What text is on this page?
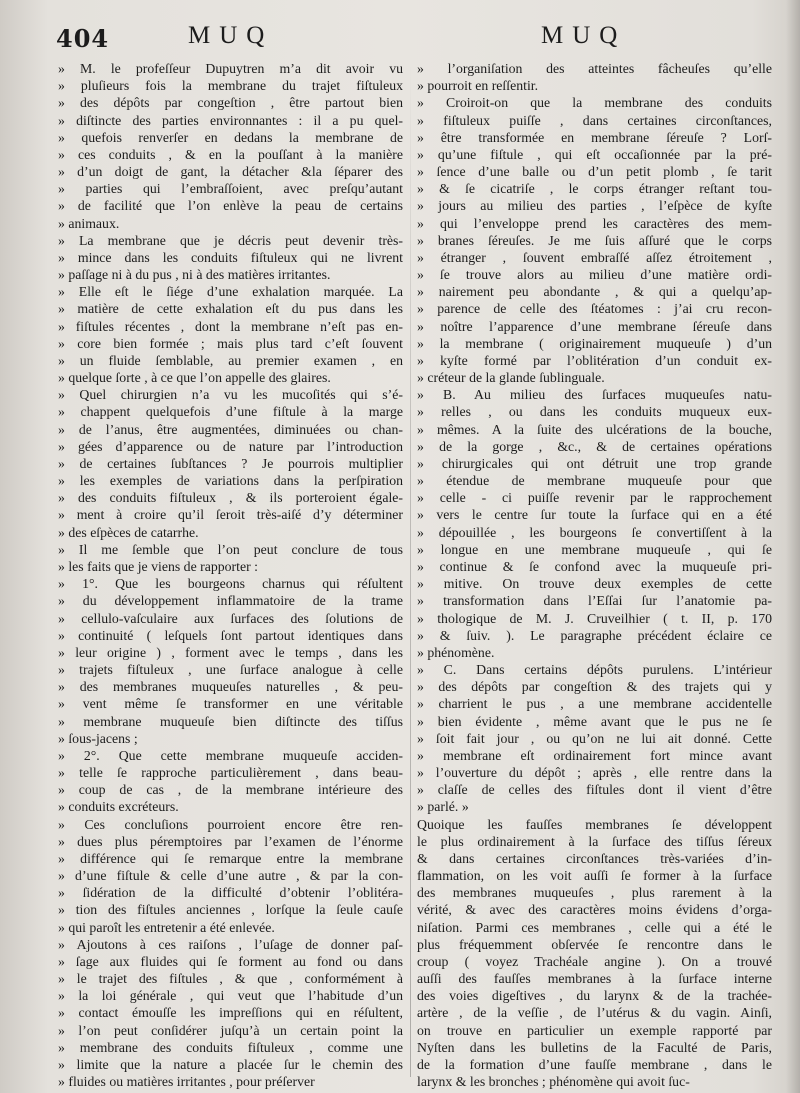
404	MUQ	MUQ
» M. le profeſſeur Dupuytren m’a dit avoir vu
» pluſieurs fois la membrane du trajet fiſtuleux
» des dépôts par congeſtion , être partout bien
» diſtincte des parties environnantes : il a pu quel-
» quefois renverſer en dedans la membrane de
» ces conduits , & en la pouſſant à la manière
» d’un doigt de gant, la détacher &la ſéparer des
» parties qui l’embraſſoient, avec preſqu’autant
» de facilité que l’on enlève la peau de certains
» animaux.
» La membrane que je décris peut devenir très-
» mince dans les conduits fiſtuleux qui ne livrent
» paſſage ni à du pus , ni à des matières irritantes.
» Elle eſt le ſiége d’une exhalation marquée. La
» matière de cette exhalation eſt du pus dans les
» fiſtules récentes , dont la membrane n’eſt pas en-
» core bien formée ; mais plus tard c’eſt ſouvent
» un fluide ſemblable, au premier examen , en
» quelque ſorte , à ce que l’on appelle des glaires.
» Quel chirurgien n’a vu les mucoſités qui s’é-
» chappent quelquefois d’une fiſtule à la marge
» de l’anus, être augmentées, diminuées ou chan-
» gées d’apparence ou de nature par l’introduction
» de certaines ſubſtances ? Je pourrois multiplier
» les exemples de variations dans la perſpiration
» des conduits fiſtuleux , & ils porteroient égale-
» ment à croire qu’il ſeroit très-aiſé d’y déterminer
» des eſpèces de catarrhe.
» Il me ſemble que l’on peut conclure de tous
» les faits que je viens de rapporter :
» 1°. Que les bourgeons charnus qui réſultent
» du développement inflammatoire de la trame
» cellulo-vaſculaire aux ſurfaces des ſolutions de
» continuité ( leſquels ſont partout identiques dans
» leur origine ) , forment avec le temps , dans les
» trajets fiſtuleux , une ſurface analogue à celle
» des membranes muqueuſes naturelles , & peu-
» vent même ſe transformer en une véritable
» membrane muqueuſe bien diſtincte des tiſſus
» ſous-jacens ;
» 2°. Que cette membrane muqueuſe acciden-
» telle ſe rapproche particulièrement , dans beau-
» coup de cas , de la membrane intérieure des
» conduits excréteurs.
» Ces concluſions pourroient encore être ren-
» dues plus péremptoires par l’examen de l’énorme
» différence qui ſe remarque entre la membrane
» d’une fiſtule & celle d’une autre , & par la con-
» ſidération de la difficulté d’obtenir l’oblitéra-
» tion des fiſtules anciennes , lorſque la ſeule cauſe
» qui paroît les entretenir a été enlevée.
» Ajoutons à ces raiſons , l’uſage de donner paſ-
» ſage aux fluides qui ſe forment au fond ou dans
» le trajet des fiſtules , & que , conformément à
» la loi générale , qui veut que l’habitude d’un
» contact émouſſe les impreſſions qui en réſultent,
» l’on peut conſidérer juſqu’à un certain point la
» membrane des conduits fiſtuleux , comme une
» limite que la nature a placée ſur le chemin des
» fluides ou matières irritantes , pour préſerver
» l’organiſation des atteintes fâcheuſes qu’elle
» pourroit en reſſentir.
» Croiroit-on que la membrane des conduits
» fiſtuleux puiſſe , dans certaines circonſtances,
» être transformée en membrane ſéreuſe ? Lorſ-
» qu’une fiſtule , qui eſt occaſionnée par la pré-
» ſence d’une balle ou d’un petit plomb , ſe tarit
» & ſe cicatriſe , le corps étranger reſtant tou-
» jours au milieu des parties , l’eſpèce de kyſte
» qui l’enveloppe prend les caractères des mem-
» branes ſéreuſes. Je me ſuis aſſuré que le corps
» étranger , ſouvent embraſſé aſſez étroitement ,
» ſe trouve alors au milieu d’une matière ordi-
» nairement peu abondante , & qui a quelqu’ap-
» parence de celle des ſtéatomes : j’ai cru recon-
» noître l’apparence d’une membrane ſéreuſe dans
» la membrane ( originairement muqueuſe ) d’un
» kyſte formé par l’oblitération d’un conduit ex-
» créteur de la glande ſublinguale.
» B. Au milieu des ſurfaces muqueuſes natu-
» relles , ou dans les conduits muqueux eux-
» mêmes. A la ſuite des ulcérations de la bouche,
» de la gorge , &c., & de certaines opérations
» chirurgicales qui ont détruit une trop grande
» étendue de membrane muqueuſe pour que
» celle - ci puiſſe revenir par le rapprochement
» vers le centre ſur toute la ſurface qui en a été
» dépouillée , les bourgeons ſe convertiſſent à la
» longue en une membrane muqueuſe , qui ſe
» continue & ſe confond avec la muqueuſe pri-
» mitive. On trouve deux exemples de cette
» transformation dans l’Eſſai ſur l’anatomie pa-
» thologique de M. J. Cruveilhier ( t. II, p. 170
» & ſuiv. ). Le paragraphe précédent éclaire ce
» phénomène.
» C. Dans certains dépôts purulens. L’intérieur
» des dépôts par congeſtion & des trajets qui y
» charrient le pus , a une membrane accidentelle
» bien évidente , même avant que le pus ne ſe
» ſoit fait jour , ou qu’on ne lui ait donné. Cette
» membrane eſt ordinairement fort mince avant
» l’ouverture du dépôt ; après , elle rentre dans la
» claſſe de celles des fiſtules dont il vient d’être
» parlé. »
Quoique les fauſſes membranes ſe développent
le plus ordinairement à la ſurface des tiſſus ſéreux
& dans certaines circonſtances très-variées d’in-
flammation, on les voit auſſi ſe former à la ſurface
des membranes muqueuſes , plus rarement à la
vérité, & avec des caractères moins évidens d’orga-
niſation. Parmi ces membranes , celle qui a été le
plus fréquemment obſervée ſe rencontre dans le
croup ( voyez Trachéale angine ). On a trouvé
auſſi des fauſſes membranes à la ſurface interne
des voies digeſtives , du larynx & de la trachée-
artère , de la veſſie , de l’utérus & du vagin. Ainſi,
on trouve en particulier un exemple rapporté par
Nyſten dans les bulletins de la Faculté de Paris,
de la formation d’une fauſſe membrane , dans le
larynx & les bronches ; phénomène qui avoit ſuc-
